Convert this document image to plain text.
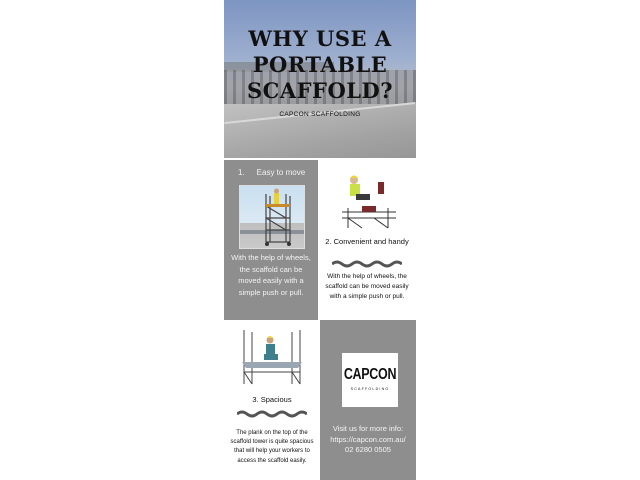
WHY USE A
PORTABLE
SCAFFOLD?
CAPCON SCAFFOLDING
1. Easy to move
With the help of wheels, the scaffold can be moved easily with a simple push or pull.
2. Convenient and handy
With the help of wheels, the scaffold can be moved easily with a simple push or pull.
3. Spacious
The plank on the top of the scaffold tower is quite spacious that will help your workers to access the scaffold easily.
CAPCON
SCAFFOLDING
Visit us for more info:
https://capcon.com.au/
02 6280 0505
